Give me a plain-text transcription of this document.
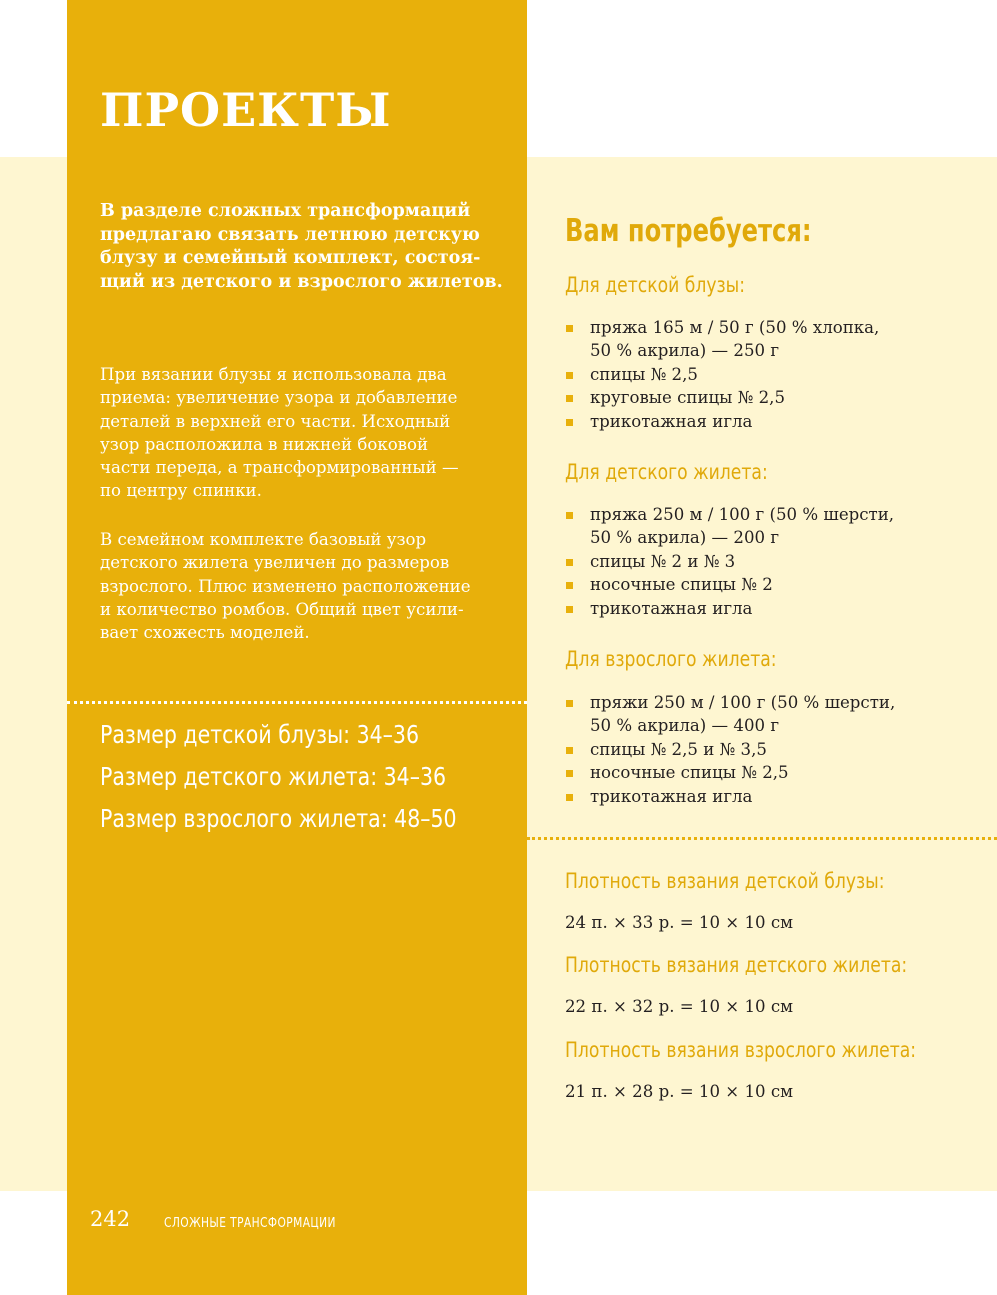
ПРОЕКТЫ
В разделе сложных трансформаций
предлагаю связать летнюю детскую
блузу и семейный комплект, состоя-
щий из детского и взрослого жилетов.
При вязании блузы я использовала два
приема: увеличение узора и добавление
деталей в верхней его части. Исходный
узор расположила в нижней боковой
части переда, а трансформированный —
по центру спинки.
В семейном комплекте базовый узор
детского жилета увеличен до размеров
взрослого. Плюс изменено расположение
и количество ромбов. Общий цвет усили-
вает схожесть моделей.
Размер детской блузы: 34–36
Размер детского жилета: 34–36
Размер взрослого жилета: 48–50
Вам потребуется:
Для детской блузы:
пряжа 165 м / 50 г (50 % хлопка,
50 % акрила) — 250 г
спицы № 2,5
круговые спицы № 2,5
трикотажная игла
Для детского жилета:
пряжа 250 м / 100 г (50 % шерсти,
50 % акрила) — 200 г
спицы № 2 и № 3
носочные спицы № 2
трикотажная игла
Для взрослого жилета:
пряжи 250 м / 100 г (50 % шерсти,
50 % акрила) — 400 г
спицы № 2,5 и № 3,5
носочные спицы № 2,5
трикотажная игла
Плотность вязания детской блузы:

24 п. × 33 р. = 10 × 10 см

Плотность вязания детского жилета:

22 п. × 32 р. = 10 × 10 см

Плотность вязания взрослого жилета:

21 п. × 28 р. = 10 × 10 см

242	СЛОЖНЫЕ ТРАНСФОРМАЦИИ
